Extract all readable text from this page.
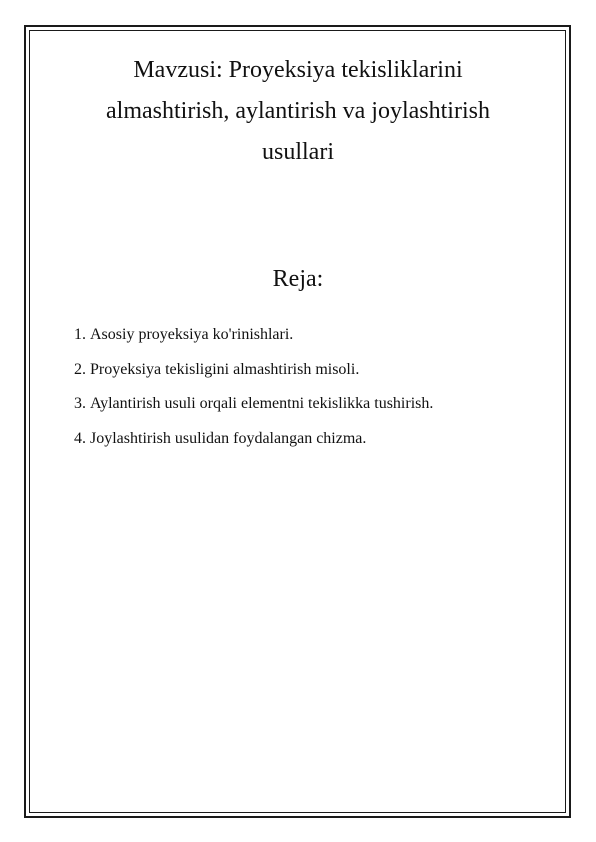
Mavzusi: Proyeksiya tekisliklarini
almashtirish, aylantirish va joylashtirish
usullari
Reja:
1. Asosiy proyeksiya ko'rinishlari.
2. Proyeksiya tekisligini almashtirish misoli.
3. Aylantirish usuli orqali elementni tekislikka tushirish.
4. Joylashtirish usulidan foydalangan chizma.
